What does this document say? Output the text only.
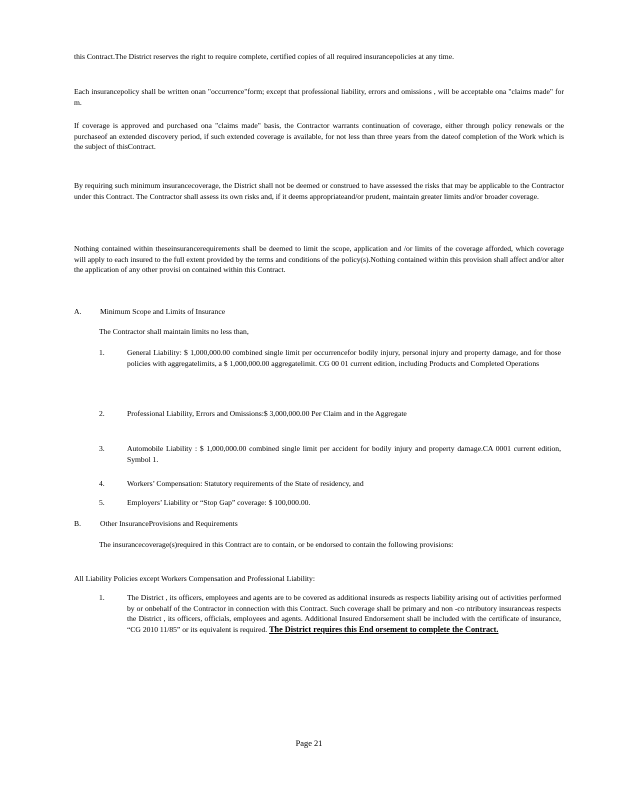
this Contract.The District reserves the right to require complete, certified copies of all required insurancepolicies at any time.
Each insurancepolicy shall be written onan "occurrence"form; except that professional liability, errors and omissions , will be acceptable ona "claims made" for m.
If coverage is approved and purchased ona "claims made" basis, the Contractor warrants continuation of coverage, either through policy renewals or the purchaseof an extended discovery period, if such extended coverage is available, for not less than three years from the dateof completion of the Work which is the subject of thisContract.
By requiring such minimum insurancecoverage, the District shall not be deemed or construed to have assessed the risks that may be applicable to the Contractor under this Contract. The Contractor shall assess its own risks and, if it deems appropriateand/or prudent, maintain greater limits and/or broader coverage.
Nothing contained within theseinsurancerequirements shall be deemed to limit the scope, application and /or limits of the coverage afforded, which coverage will apply to each insured to the full extent provided by the terms and conditions of the policy(s).Nothing contained within this provision shall affect and/or alter the application of any other provisi on contained within this Contract.
A.	Minimum Scope and Limits of Insurance
The Contractor shall maintain limits no less than,
1.	General Liability: $ 1,000,000.00 combined single limit per occurrencefor bodily injury, personal injury and property damage, and for those policies with aggregatelimits, a $ 1,000,000.00 aggregatelimit. CG 00 01 current edition, including Products and Completed Operations
2.	Professional Liability, Errors and Omissions:$ 3,000,000.00 Per Claim and in the Aggregate
3.	Automobile Liability : $ 1,000,000.00 combined single limit per accident for bodily injury and property damage.CA 0001 current edition, Symbol 1.
4.	Workers’ Compensation: Statutory requirements of the State of residency, and
5.	Employers’ Liability or “Stop Gap” coverage: $ 100,000.00.
B.	Other InsuranceProvisions and Requirements
The insurancecoverage(s)required in this Contract are to contain, or be endorsed to contain the following provisions:
All Liability Policies except Workers Compensation and Professional Liability:
1.	The District , its officers, employees and agents are to be covered as additional insureds as respects liability arising out of activities performed by or onbehalf of the Contractor in connection with this Contract. Such coverage shall be primary and non -co ntributory insuranceas respects the District , its officers, officials, employees and agents. Additional Insured Endorsement shall be included with the certificate of insurance, “CG 2010 11/85” or its equivalent is required. The District requires this End orsement to complete the Contract.
Page 21
